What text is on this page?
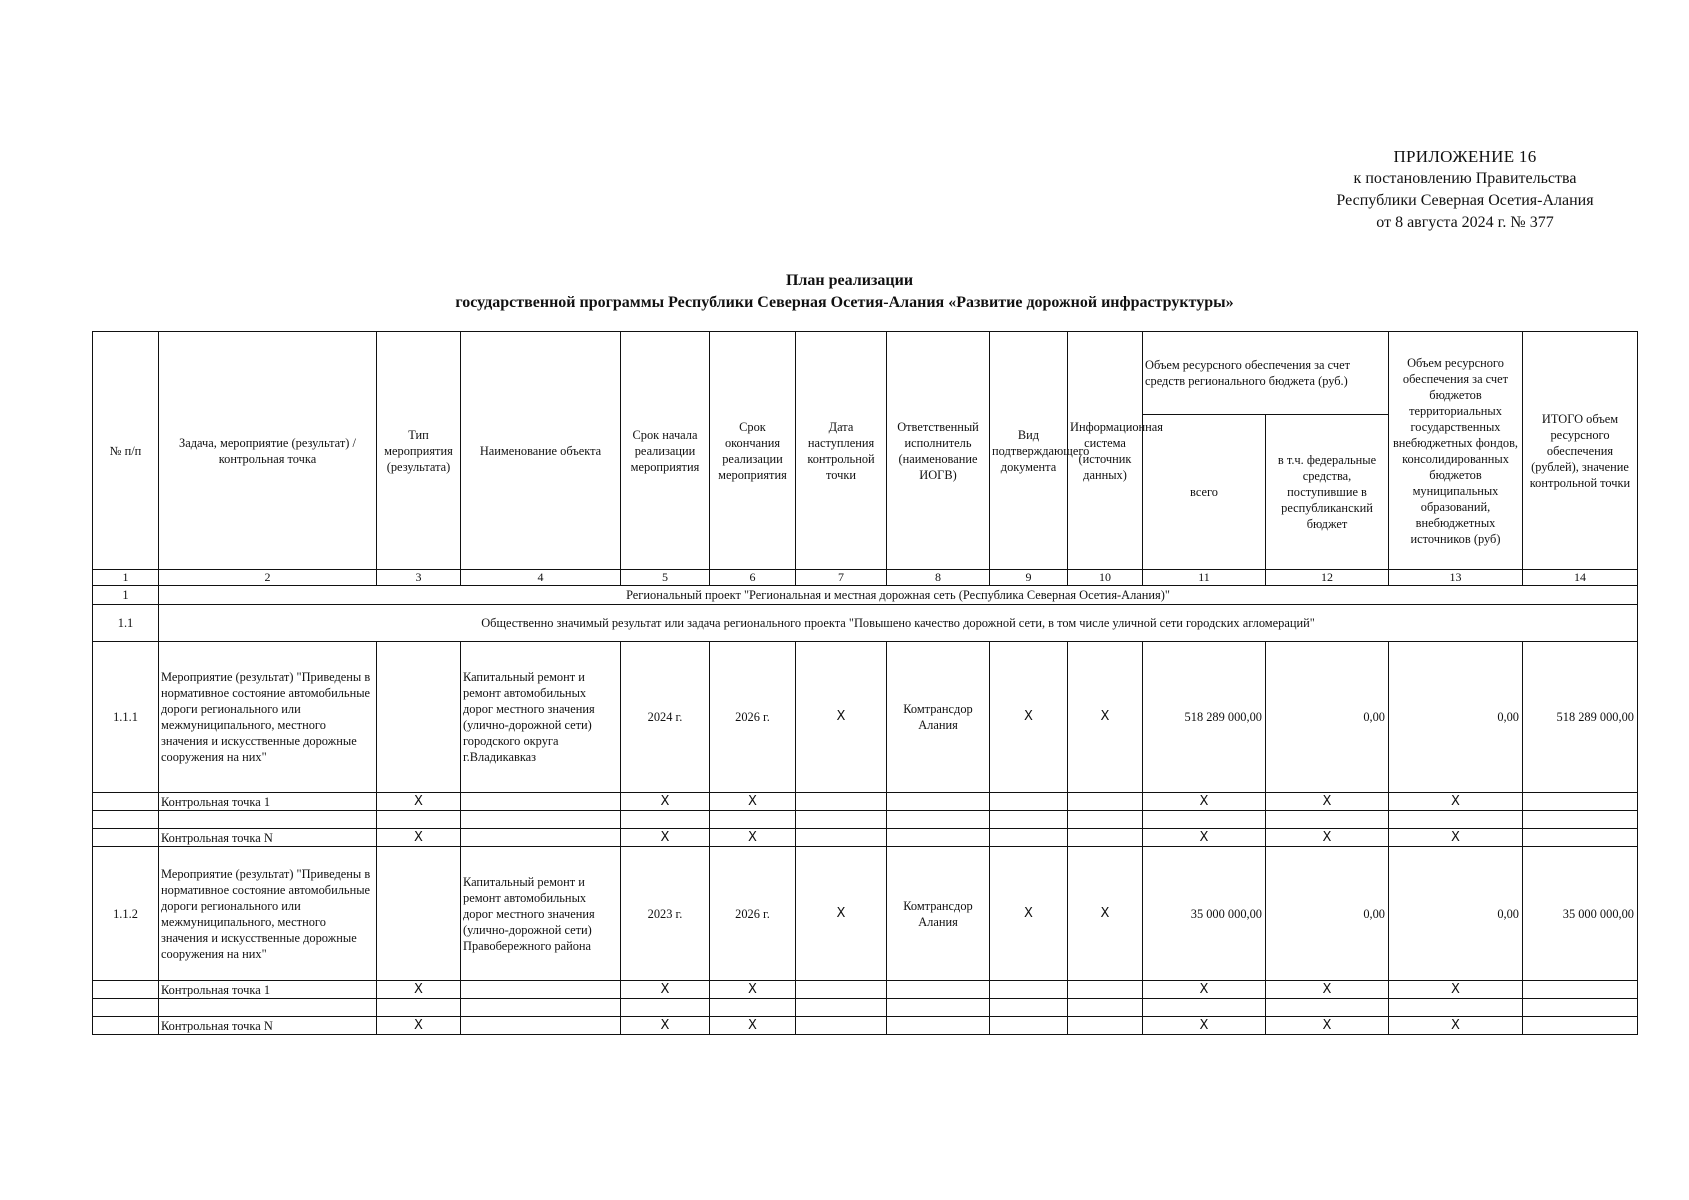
ПРИЛОЖЕНИЕ 16
к постановлению Правительства
Республики Северная Осетия-Алания
от 8 августа 2024 г. № 377
План реализации
государственной программы Республики Северная Осетия-Алания «Развитие дорожной инфраструктуры»
№ п/п	Задача, мероприятие (результат) / контрольная точка	Тип мероприятия (результата)	Наименование объекта	Срок начала реализации мероприятия	Срок окончания реализации мероприятия	Дата наступления контрольной точки	Ответственный исполнитель (наименование ИОГВ)	Вид подтверждающего документа	Информационная система (источник данных)	Объем ресурсного обеспечения за счет средств регионального бюджета (руб.)		Объем ресурсного обеспечения за счет бюджетов территориальных государственных внебюджетных фондов, консолидированных бюджетов муниципальных образований, внебюджетных источников (руб)	ИТОГО объем ресурсного обеспечения (рублей), значение контрольной точки
										всего	в т.ч. федеральные средства, поступившие в республиканский бюджет		
1	2	3	4	5	6	7	8	9	10	11	12	13	14
1	Региональный проект "Региональная и местная дорожная сеть (Республика Северная Осетия-Алания)"												
1.1	Общественно значимый результат или задача регионального проекта "Повышено качество дорожной сети, в том числе уличной сети городских агломераций"												
1.1.1	Мероприятие (результат) "Приведены в нормативное состояние автомобильные дороги регионального или межмуниципального, местного значения и искусственные дорожные сооружения на них"		Капитальный ремонт и ремонт автомобильных дорог местного значения (улично-дорожной сети) городского округа г.Владикавказ	2024 г.	2026 г.	X	Комтрансдор Алания	X	X	518 289 000,00	0,00	0,00	518 289 000,00
	Контрольная точка 1	X		X	X					X	X	X	

	Контрольная точка N	X		X	X					X	X	X	
1.1.2	Мероприятие (результат) "Приведены в нормативное состояние автомобильные дороги регионального или межмуниципального, местного значения и искусственные дорожные сооружения на них"		Капитальный ремонт и ремонт автомобильных дорог местного значения (улично-дорожной сети) Правобережного района	2023 г.	2026 г.	X	Комтрансдор Алания	X	X	35 000 000,00	0,00	0,00	35 000 000,00
	Контрольная точка 1	X		X	X					X	X	X	

	Контрольная точка N	X		X	X					X	X	X	
